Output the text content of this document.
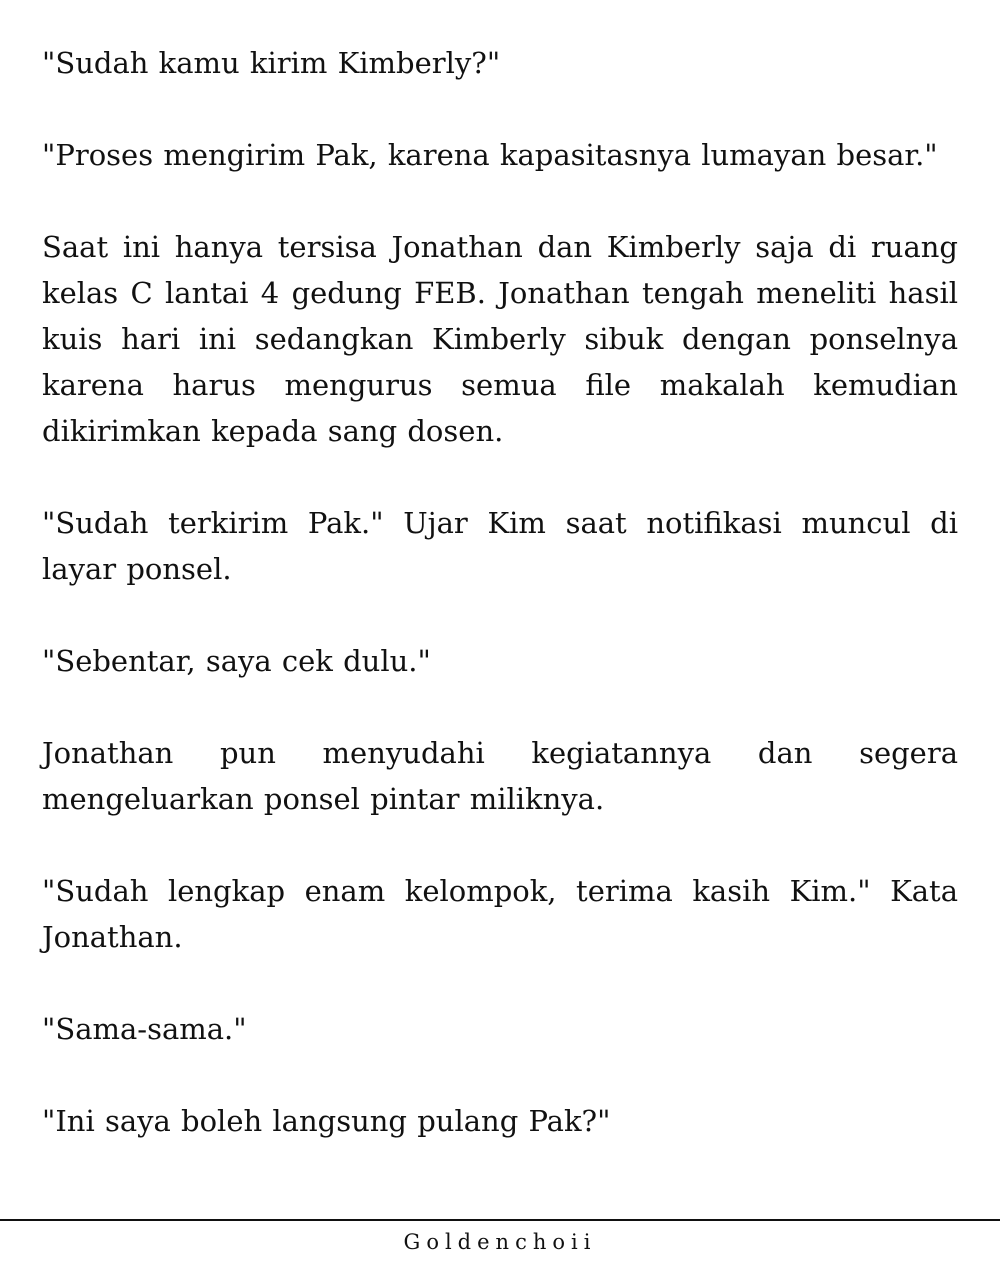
"Sudah kamu kirim Kimberly?"

"Proses mengirim Pak, karena kapasitasnya lumayan besar."

Saat ini hanya tersisa Jonathan dan Kimberly saja di ruang kelas C lantai 4 gedung FEB. Jonathan tengah meneliti hasil kuis hari ini sedangkan Kimberly sibuk dengan ponselnya karena harus mengurus semua file makalah kemudian dikirimkan kepada sang dosen.

"Sudah terkirim Pak." Ujar Kim saat notifikasi muncul di layar ponsel.

"Sebentar, saya cek dulu."

Jonathan pun menyudahi kegiatannya dan segera mengeluarkan ponsel pintar miliknya.

"Sudah lengkap enam kelompok, terima kasih Kim." Kata Jonathan.

"Sama-sama."

"Ini saya boleh langsung pulang Pak?"

Goldenchoii
